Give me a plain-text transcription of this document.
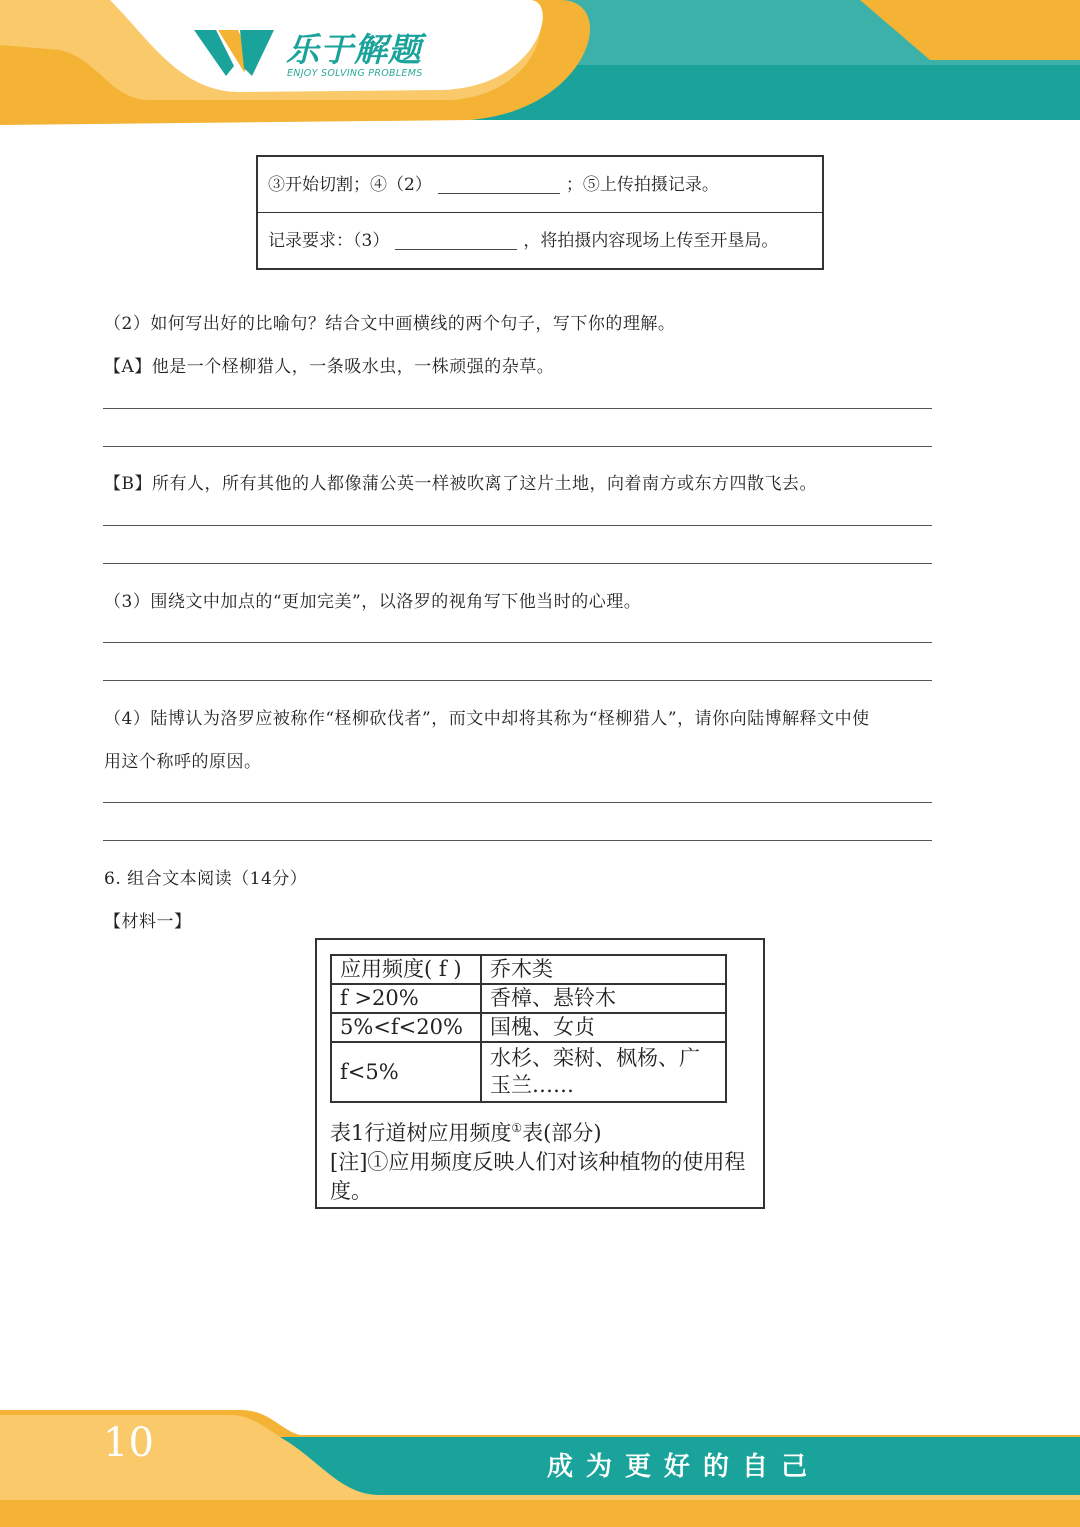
乐于解题
ENJOY SOLVING PROBLEMS
③开始切割；④（2）	；⑤上传拍摄记录。
记录要求：（3）	，将拍摄内容现场上传至开垦局。
（2）如何写出好的比喻句？结合文中画横线的两个句子，写下你的理解。
【A】他是一个柽柳猎人，一条吸水虫，一株顽强的杂草。
【B】所有人，所有其他的人都像蒲公英一样被吹离了这片土地，向着南方或东方四散飞去。
（3）围绕文中加点的“更加完美”，以洛罗的视角写下他当时的心理。
（4）陆博认为洛罗应被称作“柽柳砍伐者”，而文中却将其称为“柽柳猎人”，请你向陆博解释文中使
用这个称呼的原因。
6. 组合文本阅读（14分）
【材料一】
应用频度( f )	乔木类
f >20%	香樟、悬铃木
5%<f<20%	国槐、女贞
f<5%	水杉、栾树、枫杨、广玉兰……
表1行道树应用频度①表(部分)
[注]①应用频度反映人们对该种植物的使用程度。
10
成为更好的自己
